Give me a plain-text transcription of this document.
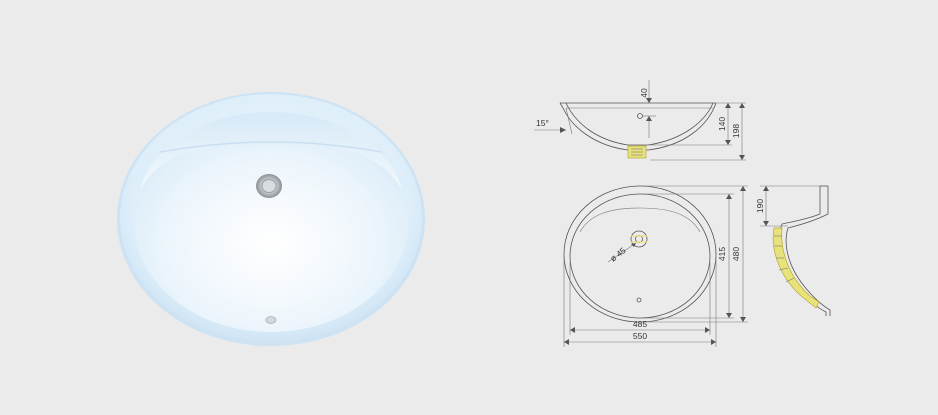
40
15°	140 198
ø 45
485
550
415 480
190
